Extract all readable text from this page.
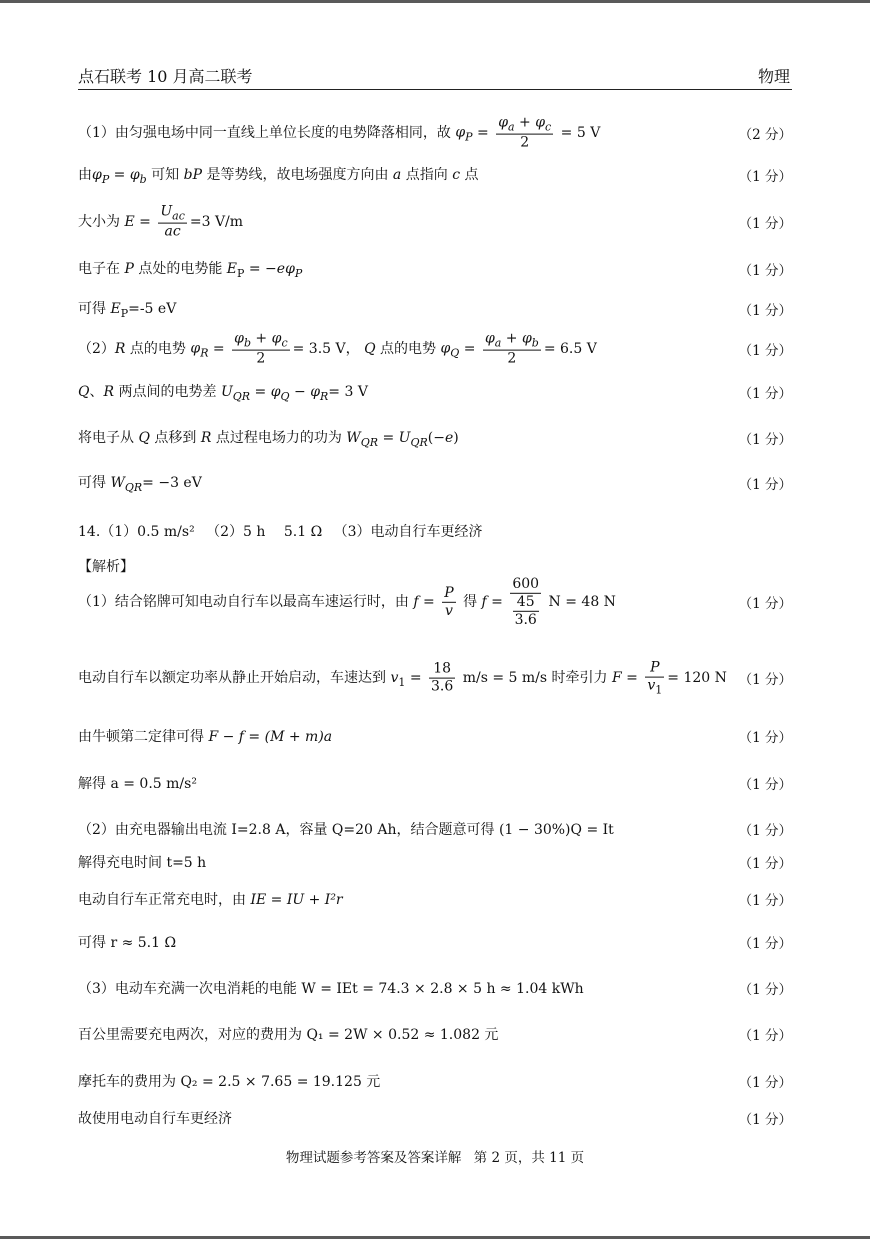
点石联考 10 月高二联考	物理
（1）由匀强电场中同一直线上单位长度的电势降落相同，故 $\varphi_P = \frac{\varphi_a + \varphi_c}{2} = 5$ V	（2 分）
由$\varphi_P = \varphi_b$ 可知 bP 是等势线，故电场强度方向由 a 点指向 c 点	（1 分）
大小为 $E = \frac{U_{ac}}{ac} =3$ V/m	（1 分）
电子在 P 点处的电势能 $E_P = -e\varphi_P$	（1 分）
可得 $E_P=-5$ eV	（1 分）
（2）R 点的电势 $\varphi_R = \frac{\varphi_b + \varphi_c}{2} = 3.5$ V， Q 点的电势 $\varphi_Q = \frac{\varphi_a + \varphi_b}{2} = 6.5$ V	（1 分）
Q、R 两点间的电势差 $U_{QR} = \varphi_Q - \varphi_R= 3$ V	（1 分）
将电子从 Q 点移到 R 点过程电场力的功为 $W_{QR} = U_{QR}(-e)$	（1 分）
可得 $W_{QR}= -3$ eV	（1 分）
14.（1）0.5 m/s² 　（2）5 h 　5.1 Ω 　（3）电动自行车更经济
【解析】
（1）结合铭牌可知电动自行车以最高车速运行时，由 $f = \frac{P}{v}$ 得 $f = \frac{600}{\frac{45}{3.6}}$ N = 48 N	（1 分）
电动自行车以额定功率从静止开始启动，车速达到 $v_1 = \frac{18}{3.6} m/s = 5$ m/s 时牵引力 $F = \frac{P}{v_1} = 120$ N （1 分）
由牛顿第二定律可得 F − f = (M + m)a	（1 分）
解得 a = 0.5 m/s²	（1 分）
（2）由充电器输出电流 I=2.8 A，容量 Q=20 Ah，结合题意可得 (1 − 30%)Q = It	（1 分）
解得充电时间 t=5 h	（1 分）
电动自行车正常充电时，由 IE = IU + I²r	（1 分）
可得 r ≈ 5.1 Ω	（1 分）
（3）电动车充满一次电消耗的电能 W = IEt = 74.3 × 2.8 × 5 h ≈ 1.04 kWh	（1 分）
百公里需要充电两次，对应的费用为 Q₁ = 2W × 0.52 ≈ 1.082 元	（1 分）
摩托车的费用为 Q₂ = 2.5 × 7.65 = 19.125 元	（1 分）
故使用电动自行车更经济	（1 分）
物理试题参考答案及答案详解 第 2 页，共 11 页
